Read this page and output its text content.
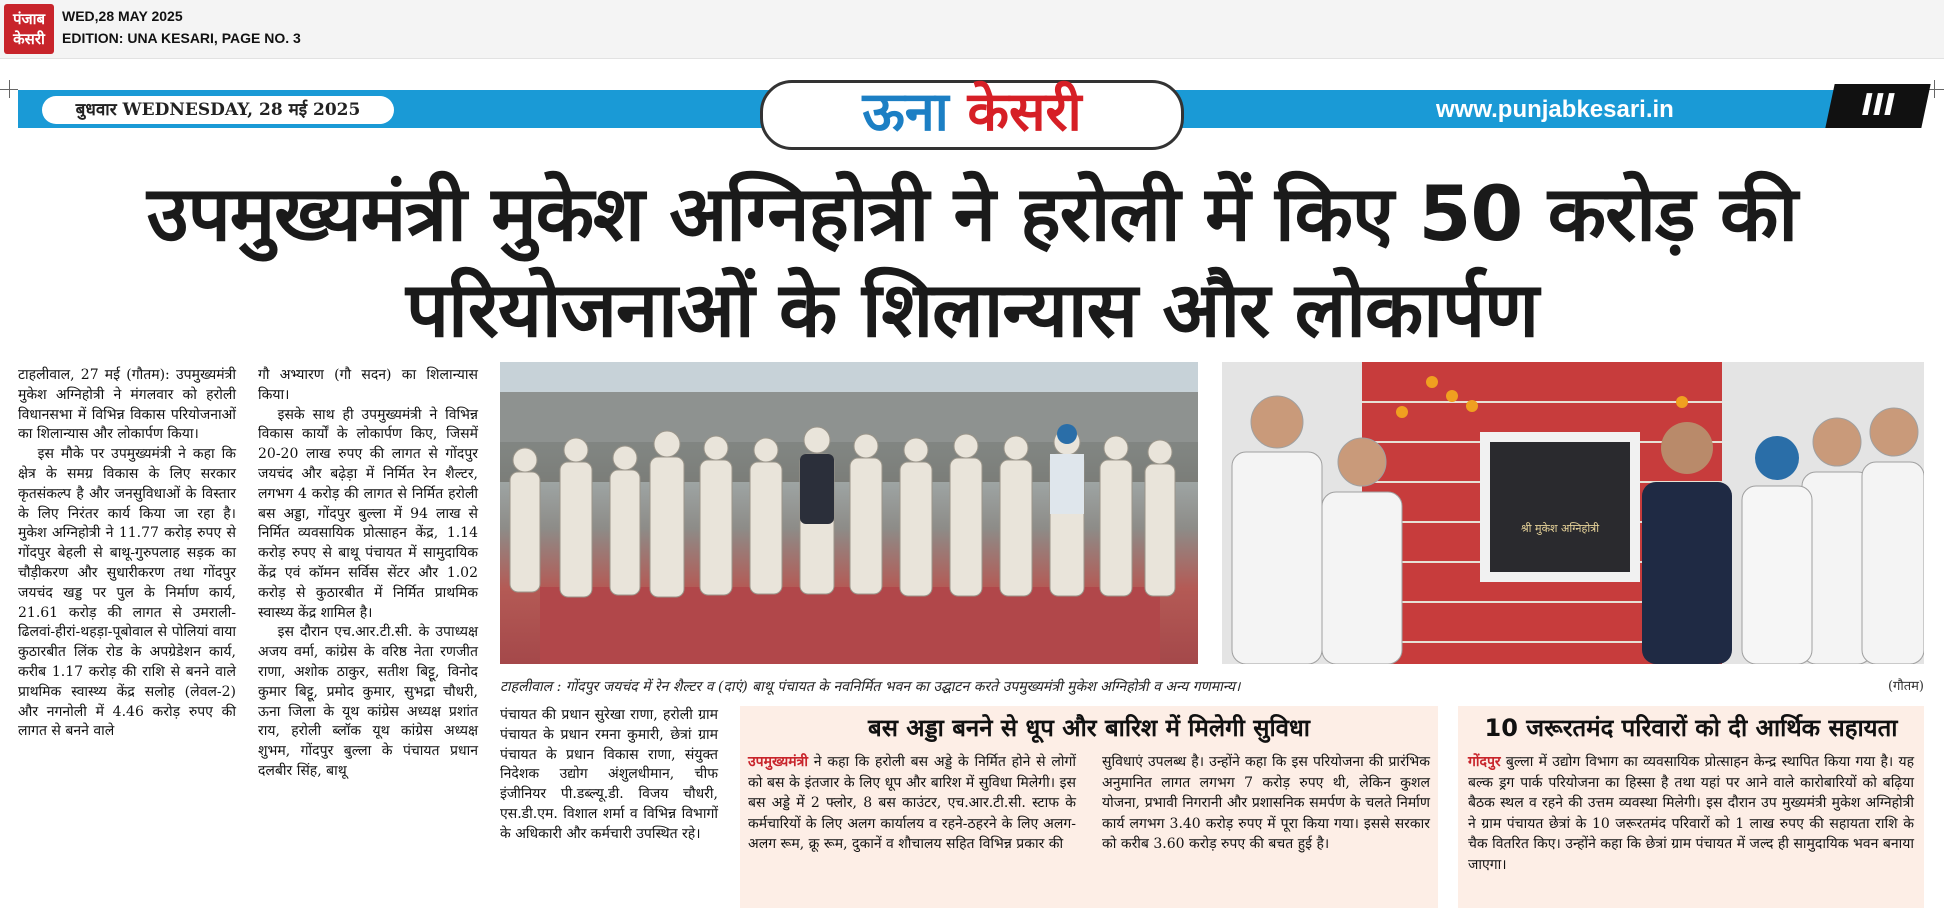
पंजाब केसरी
WED,28 MAY 2025
EDITION: UNA KESARI, PAGE NO. 3
बुधवार WEDNESDAY, 28 मई 2025	ऊना केसरी	www.punjabkesari.in	III
उपमुख्यमंत्री मुकेश अग्निहोत्री ने हरोली में किए 50 करोड़ की परियोजनाओं के शिलान्यास और लोकार्पण

टाहलीवाल, 27 मई (गौतम): उपमुख्यमंत्री मुकेश अग्निहोत्री ने मंगलवार को हरोली विधानसभा में विभिन्न विकास परियोजनाओं का शिलान्यास और लोकार्पण किया।

इस मौके पर उपमुख्यमंत्री ने कहा कि क्षेत्र के समग्र विकास के लिए सरकार कृतसंकल्प है और जनसुविधाओं के विस्तार के लिए निरंतर कार्य किया जा रहा है। मुकेश अग्निहोत्री ने 11.77 करोड़ रुपए से गोंदपुर बेहली से बाथू-गुरुपलाह सड़क का चौड़ीकरण और सुधारीकरण तथा गोंदपुर जयचंद खड्ड पर पुल के निर्माण कार्य, 21.61 करोड़ की लागत से उमराली-ढिलवां-हीरां-थहड़ा-पूबोवाल से पोलियां वाया कुठारबीत लिंक रोड के अपग्रेडेशन कार्य, करीब 1.17 करोड़ की राशि से बनने वाले प्राथमिक स्वास्थ्य केंद्र सलोह (लेवल-2) और नगनोली में 4.46 करोड़ रुपए की लागत से बनने वाले

गौ अभ्यारण (गौ सदन) का शिलान्यास किया।

इसके साथ ही उपमुख्यमंत्री ने विभिन्न विकास कार्यों के लोकार्पण किए, जिसमें 20-20 लाख रुपए की लागत से गोंदपुर जयचंद और बढ़ेड़ा में निर्मित रेन शैल्टर, लगभग 4 करोड़ की लागत से निर्मित हरोली बस अड्डा, गोंदपुर बुल्ला में 94 लाख से निर्मित व्यवसायिक प्रोत्साहन केंद्र, 1.14 करोड़ रुपए से बाथू पंचायत में सामुदायिक केंद्र एवं कॉमन सर्विस सेंटर और 1.02 करोड़ से कुठारबीत में निर्मित प्राथमिक स्वास्थ्य केंद्र शामिल है।

इस दौरान एच.आर.टी.सी. के उपाध्यक्ष अजय वर्मा, कांग्रेस के वरिष्ठ नेता रणजीत राणा, अशोक ठाकुर, सतीश बिट्टू, विनोद कुमार बिट्टू, प्रमोद कुमार, सुभद्रा चौधरी, ऊना जिला के यूथ कांग्रेस अध्यक्ष प्रशांत राय, हरोली ब्लॉक यूथ कांग्रेस अध्यक्ष शुभम, गोंदपुर बुल्ला के पंचायत प्रधान दलबीर सिंह, बाथू

श्री मुकेश अग्निहोत्री
टाहलीवाल : गोंदपुर जयचंद में रेन शैल्टर व (दाएं) बाथू पंचायत के नवनिर्मित भवन का उद्घाटन करते उपमुख्यमंत्री मुकेश अग्निहोत्री व अन्य गणमान्य।	(गौतम)

पंचायत की प्रधान सुरेखा राणा, हरोली ग्राम पंचायत के प्रधान रमना कुमारी, छेत्रां ग्राम पंचायत के प्रधान विकास राणा, संयुक्त निदेशक उद्योग अंशुलधीमान, चीफ इंजीनियर पी.डब्ल्यू.डी. विजय चौधरी, एस.डी.एम. विशाल शर्मा व विभिन्न विभागों के अधिकारी और कर्मचारी उपस्थित रहे।

बस अड्डा बनने से धूप और बारिश में मिलेगी सुविधा
उपमुख्यमंत्री ने कहा कि हरोली बस अड्डे के निर्मित होने से लोगों को बस के इंतजार के लिए धूप और बारिश में सुविधा मिलेगी। इस बस अड्डे में 2 फ्लोर, 8 बस काउंटर, एच.आर.टी.सी. स्टाफ के कर्मचारियों के लिए अलग कार्यालय व रहने-ठहरने के लिए अलग-अलग रूम, क्रू रूम, दुकानें व शौचालय सहित विभिन्न प्रकार की
सुविधाएं उपलब्ध है। उन्होंने कहा कि इस परियोजना की प्रारंभिक अनुमानित लागत लगभग 7 करोड़ रुपए थी, लेकिन कुशल योजना, प्रभावी निगरानी और प्रशासनिक समर्पण के चलते निर्माण कार्य लगभग 3.40 करोड़ रुपए में पूरा किया गया। इससे सरकार को करीब 3.60 करोड़ रुपए की बचत हुई है।
10 जरूरतमंद परिवारों को दी आर्थिक सहायता
गोंदपुर बुल्ला में उद्योग विभाग का व्यवसायिक प्रोत्साहन केन्द्र स्थापित किया गया है। यह बल्क ड्रग पार्क परियोजना का हिस्सा है तथा यहां पर आने वाले कारोबारियों को बढ़िया बैठक स्थल व रहने की उत्तम व्यवस्था मिलेगी। इस दौरान उप मुख्यमंत्री मुकेश अग्निहोत्री ने ग्राम पंचायत छेत्रां के 10 जरूरतमंद परिवारों को 1 लाख रुपए की सहायता राशि के चैक वितरित किए। उन्होंने कहा कि छेत्रां ग्राम पंचायत में जल्द ही सामुदायिक भवन बनाया जाएगा।
